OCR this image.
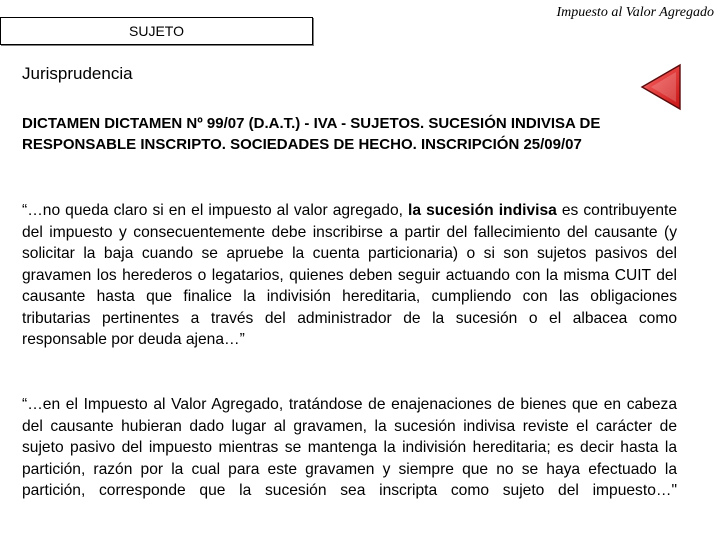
Impuesto al Valor Agregado
SUJETO
Jurisprudencia
DICTAMEN DICTAMEN Nº 99/07 (D.A.T.) - IVA - SUJETOS. SUCESIÓN INDIVISA DE RESPONSABLE INSCRIPTO. SOCIEDADES DE HECHO. INSCRIPCIÓN 25/09/07

“…no queda claro si en el impuesto al valor agregado, la sucesión indivisa es contribuyente del impuesto y consecuentemente debe inscribirse a partir del fallecimiento del causante (y solicitar la baja cuando se apruebe la cuenta particionaria) o si son sujetos pasivos del gravamen los herederos o legatarios, quienes deben seguir actuando con la misma CUIT del causante hasta que finalice la indivisión hereditaria, cumpliendo con las obligaciones tributarias pertinentes a través del administrador de la sucesión o el albacea como responsable por deuda ajena…”

“…en el Impuesto al Valor Agregado, tratándose de enajenaciones de bienes que en cabeza del causante hubieran dado lugar al gravamen, la sucesión indivisa reviste el carácter de sujeto pasivo del impuesto mientras se mantenga la indivisión hereditaria; es decir hasta la partición, razón por la cual para este gravamen y siempre que no se haya efectuado la partición, corresponde que la sucesión sea inscripta como sujeto del impuesto…"
